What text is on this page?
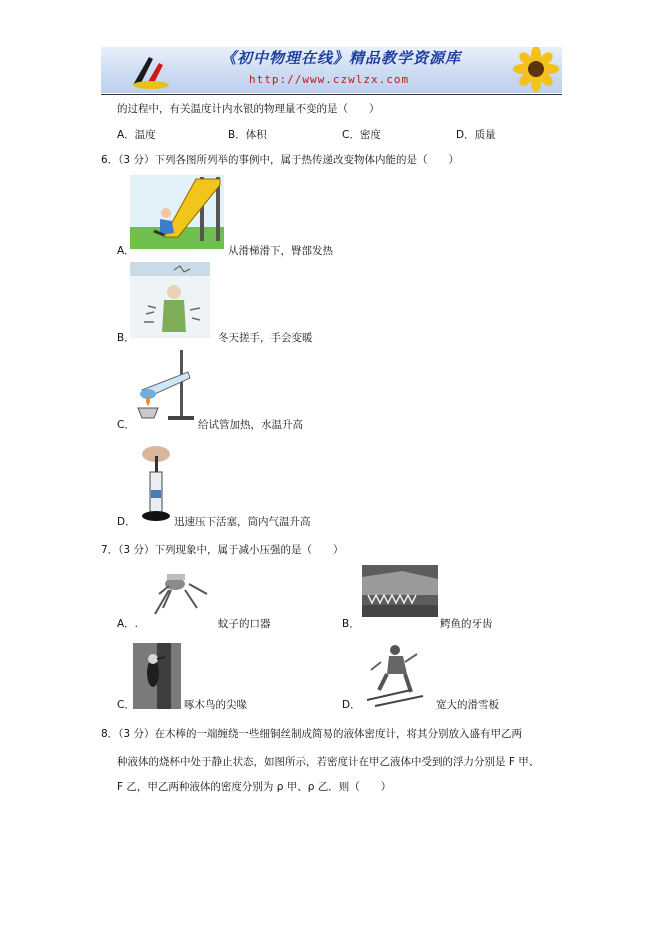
《初中物理在线》精品教学资源库
http://www.czwlzx.com
的过程中，有关温度计内水银的物理量不变的是（　　）
A．温度	B．体积	C．密度	D．质量
6．（3 分）下列各图所列举的事例中，属于热传递改变物体内能的是（　　）
A．	从滑梯滑下，臀部发热
B．	冬天搓手，手会变暖
C．	给试管加热，水温升高
D．	迅速压下活塞，筒内气温升高
7．（3 分）下列现象中，属于减小压强的是（　　）
A．.	蚊子的口器	B．	鳄鱼的牙齿
C．	啄木鸟的尖喙	D．	宽大的滑雪板
8．（3 分）在木棒的一端缠绕一些细铜丝制成简易的液体密度计，将其分别放入盛有甲乙两
种液体的烧杯中处于静止状态，如图所示，若密度计在甲乙液体中受到的浮力分别是 F 甲、
F 乙，甲乙两种液体的密度分别为 ρ 甲、ρ 乙．则（　　）
